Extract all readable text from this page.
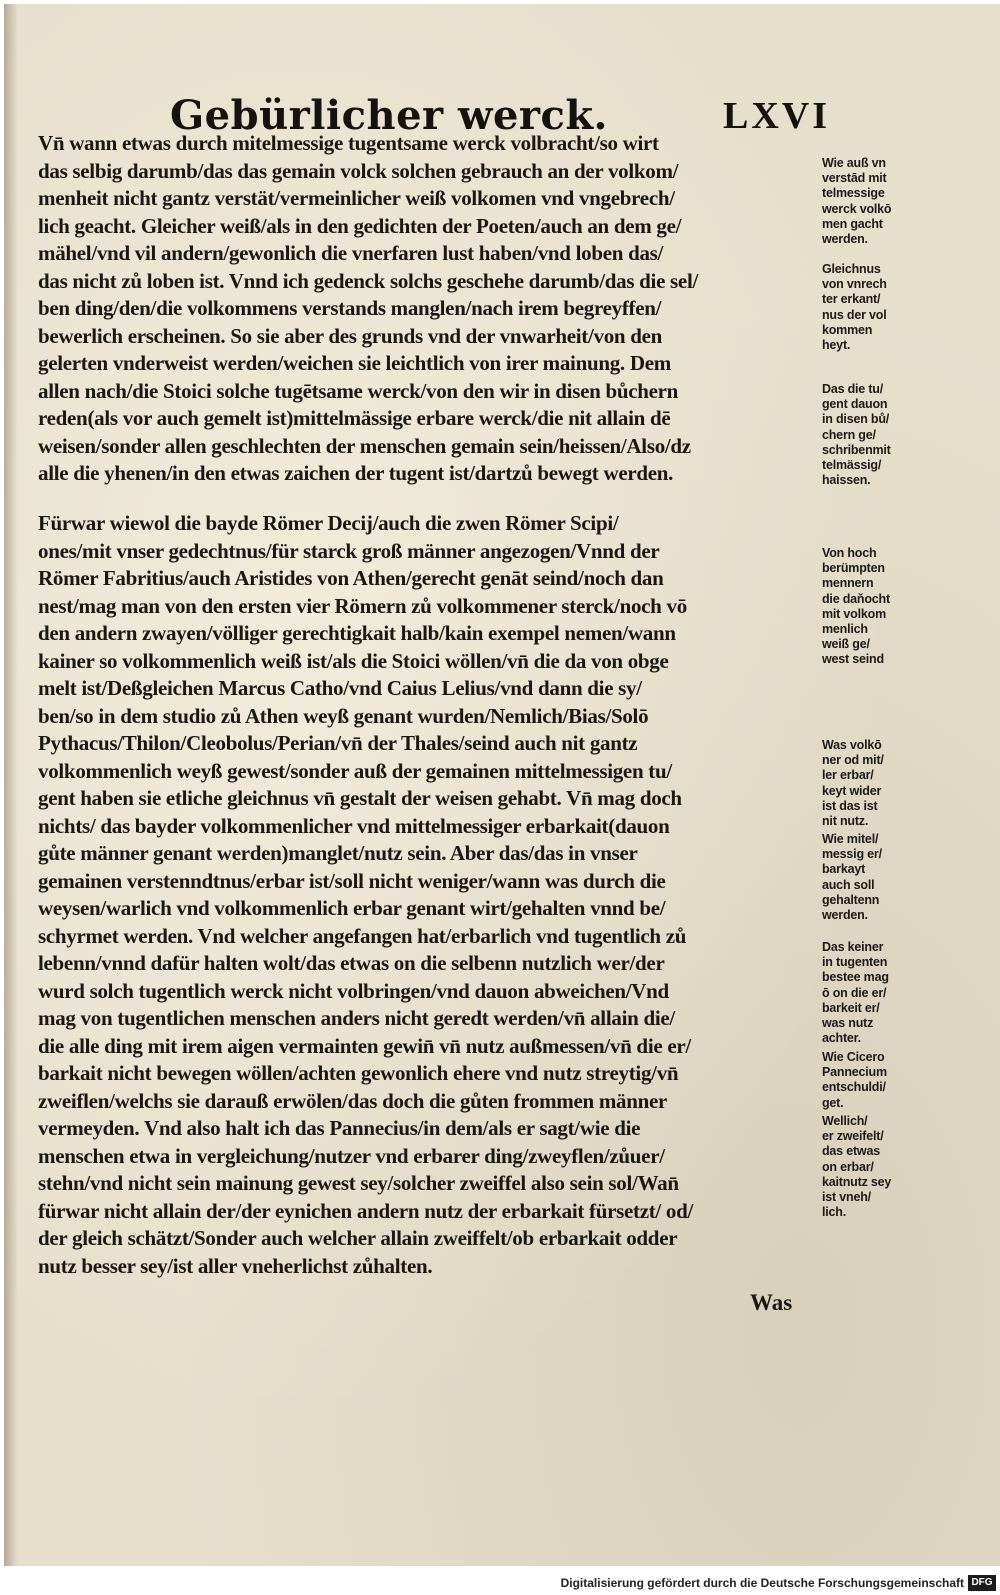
Gebürlicher werck.	LXVI
Vn̄ wann etwas durch mitelmessige tugentsame werck volbracht/so wirt
das selbig darumb/das das gemain volck solchen gebrauch an der volkom/
menheit nicht gantz verstät/vermeinlicher weiß volkomen vnd vngebrech/
lich geacht. Gleicher weiß/als in den gedichten der Poeten/auch an dem ge/
mähel/vnd vil andern/gewonlich die vnerfaren lust haben/vnd loben das/
das nicht zů loben ist. Vnnd ich gedenck solchs geschehe darumb/das die sel/
ben ding/den/die volkommens verstands manglen/nach irem begreyffen/
bewerlich erscheinen. So sie aber des grunds vnd der vnwarheit/von den
gelerten vnderweist werden/weichen sie leichtlich von irer mainung. Dem
allen nach/die Stoici solche tugētsame werck/von den wir in disen bůchern
reden(als vor auch gemelt ist)mittelmässige erbare werck/die nit allain dē
weisen/sonder allen geschlechten der menschen gemain sein/heissen/Also/dz
alle die yhenen/in den etwas zaichen der tugent ist/dartzů bewegt werden.
Fürwar wiewol die bayde Römer Decij/auch die zwen Römer Scipi/
ones/mit vnser gedechtnus/für starck groß männer angezogen/Vnnd der
Römer Fabritius/auch Aristides von Athen/gerecht genāt seind/noch dan
nest/mag man von den ersten vier Römern zů volkommener sterck/noch vō
den andern zwayen/völliger gerechtigkait halb/kain exempel nemen/wann
kainer so volkommenlich weiß ist/als die Stoici wöllen/vn̄ die da von obge
melt ist/Deßgleichen Marcus Catho/vnd Caius Lelius/vnd dann die sy/
ben/so in dem studio zů Athen weyß genant wurden/Nemlich/Bias/Solō
Pythacus/Thilon/Cleobolus/Perian/vn̄ der Thales/seind auch nit gantz
volkommenlich weyß gewest/sonder auß der gemainen mittelmessigen tu/
gent haben sie etliche gleichnus vn̄ gestalt der weisen gehabt. Vn̄ mag doch
nichts/ das bayder volkommenlicher vnd mittelmessiger erbarkait(dauon
gůte männer genant werden)manglet/nutz sein. Aber das/das in vnser
gemainen verstenndtnus/erbar ist/soll nicht weniger/wann was durch die
weysen/warlich vnd volkommenlich erbar genant wirt/gehalten vnnd be/
schyrmet werden. Vnd welcher angefangen hat/erbarlich vnd tugentlich zů
lebenn/vnnd dafür halten wolt/das etwas on die selbenn nutzlich wer/der
wurd solch tugentlich werck nicht volbringen/vnd dauon abweichen/Vnd
mag von tugentlichen menschen anders nicht geredt werden/vn̄ allain die/
die alle ding mit irem aigen vermainten gewin̄ vn̄ nutz außmessen/vn̄ die er/
barkait nicht bewegen wöllen/achten gewonlich ehere vnd nutz streytig/vn̄
zweiflen/welchs sie darauß erwölen/das doch die gůten frommen männer
vermeyden. Vnd also halt ich das Pannecius/in dem/als er sagt/wie die
menschen etwa in vergleichung/nutzer vnd erbarer ding/zweyflen/zůuer/
stehn/vnd nicht sein mainung gewest sey/solcher zweiffel also sein sol/Wan̄
fürwar nicht allain der/der eynichen andern nutz der erbarkait fürsetzt/ od/
der gleich schätzt/Sonder auch welcher allain zweiffelt/ob erbarkait odder
nutz besser sey/ist aller vneherlichst zůhalten.
Was
Wie auß vn
verstād mit
telmessige
werck volkō
men gacht
werden.
Gleichnus
von vnrech
ter erkant/
nus der vol
kommen
heyt.
Das die tu/
gent dauon
in disen bů/
chern ge/
schribenmit
telmässig/
haissen.
Von hoch
berümpten
mennern
die daňocht
mit volkom
menlich
weiß ge/
west seind
Was volkō
ner od mit/
ler erbar/
keyt wider
ist das ist
nit nutz.
Wie mitel/
messig er/
barkayt
auch soll
gehaltenn
werden.
Das keiner
in tugenten
bestee mag
ō on die er/
barkeit er/
was nutz
achter.
Wie Cicero
Pannecium
entschuldi/
get.
Wellich/
er zweifelt/
das etwas
on erbar/
kaitnutz sey
ist vneh/
lich.
Digitalisierung gefördert durch die Deutsche Forschungsgemeinschaft DFG
